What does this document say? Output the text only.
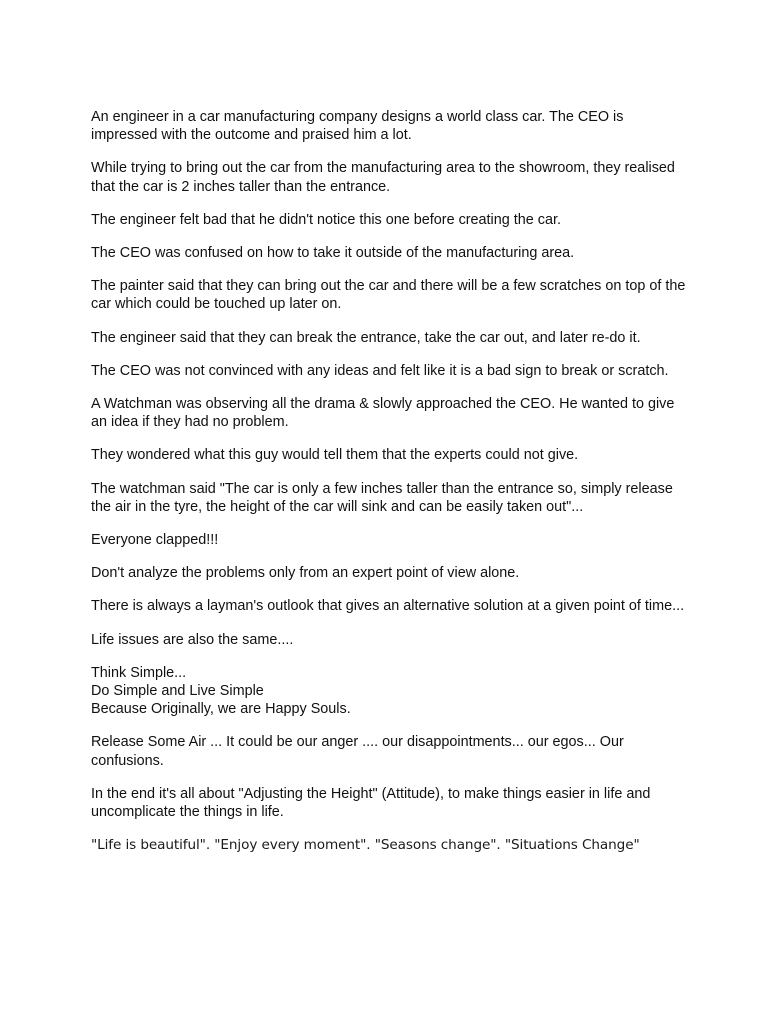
An engineer in a car manufacturing company designs a world class car. The CEO is impressed with the outcome and praised him a lot.

While trying to bring out the car from the manufacturing area to the showroom, they realised that the car is 2 inches taller than the entrance.

The engineer felt bad that he didn't notice this one before creating the car.

The CEO was confused on how to take it outside of the manufacturing area.

The painter said that they can bring out the car and there will be a few scratches on top of the car which could be touched up later on.

The engineer said that they can break the entrance, take the car out, and later re-do it.

The CEO was not convinced with any ideas and felt like it is a bad sign to break or scratch.

A Watchman was observing all the drama & slowly approached the CEO. He wanted to give an idea if they had no problem.

They wondered what this guy would tell them that the experts could not give.

The watchman said "The car is only a few inches taller than the entrance so, simply release the air in the tyre, the height of the car will sink and can be easily taken out"...

Everyone clapped!!!

Don't analyze the problems only from an expert point of view alone.

There is always a layman's outlook that gives an alternative solution at a given point of time...

Life issues are also the same....

Think Simple...
Do Simple and Live Simple
Because Originally, we are Happy Souls.

Release Some Air ... It could be our anger .... our disappointments... our egos... Our confusions.

In the end it's all about "Adjusting the Height" (Attitude), to make things easier in life and uncomplicate the things in life.

"Life is beautiful". "Enjoy every moment". "Seasons change". "Situations Change"
